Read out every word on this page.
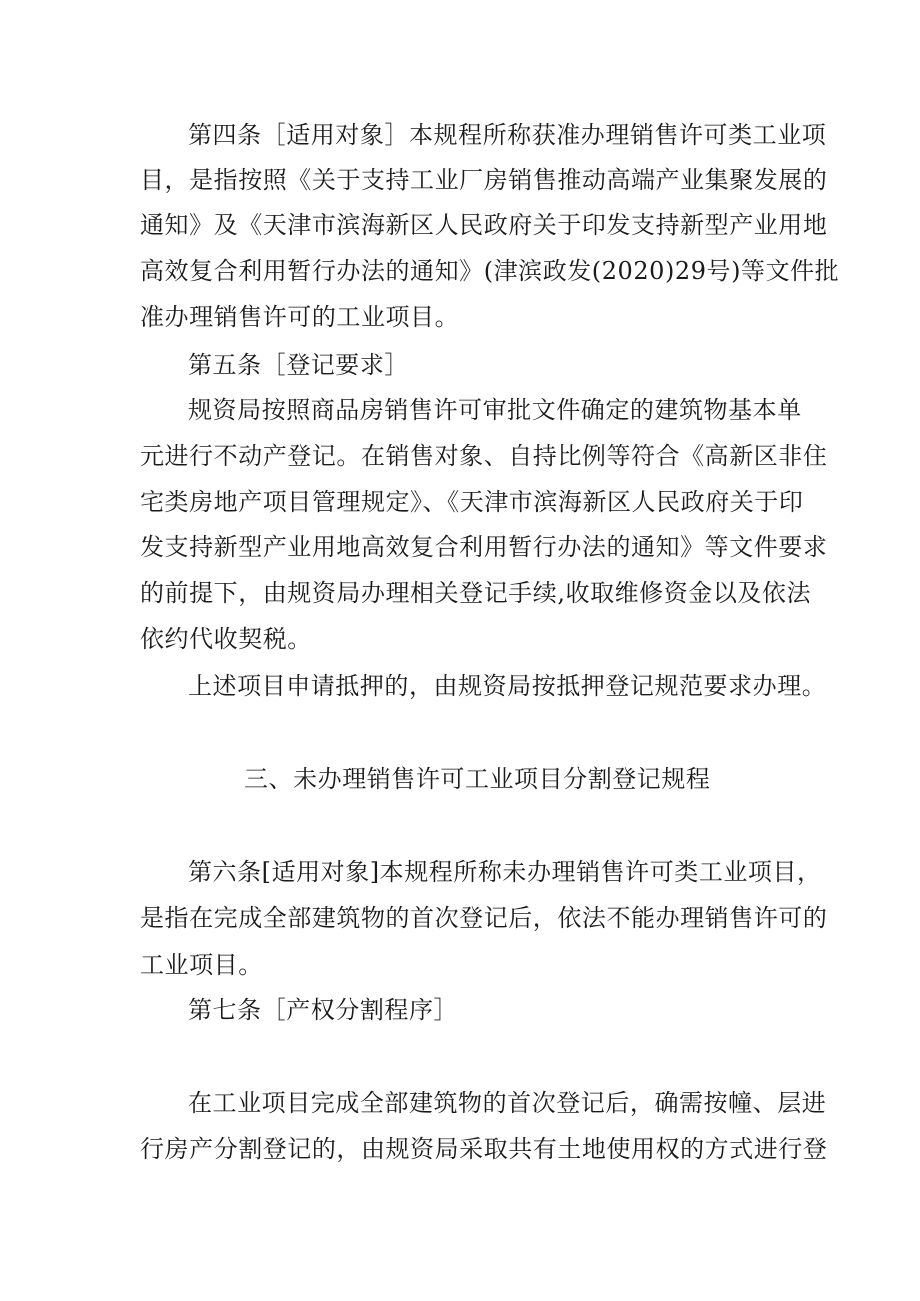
第四条［适用对象］本规程所称获准办理销售许可类工业项
目，是指按照《关于支持工业厂房销售推动高端产业集聚发展的
通知》及《天津市滨海新区人民政府关于印发支持新型产业用地
高效复合利用暂行办法的通知》(津滨政发(2020)29号)等文件批
准办理销售许可的工业项目。
第五条［登记要求］
规资局按照商品房销售许可审批文件确定的建筑物基本单
元进行不动产登记。在销售对象、自持比例等符合《高新区非住
宅类房地产项目管理规定》、《天津市滨海新区人民政府关于印
发支持新型产业用地高效复合利用暂行办法的通知》等文件要求
的前提下，由规资局办理相关登记手续,收取维修资金以及依法
依约代收契税。
上述项目申请抵押的，由规资局按抵押登记规范要求办理。
三、未办理销售许可工业项目分割登记规程
第六条[适用对象]本规程所称未办理销售许可类工业项目，
是指在完成全部建筑物的首次登记后，依法不能办理销售许可的
工业项目。
第七条［产权分割程序］
在工业项目完成全部建筑物的首次登记后，确需按幢、层进
行房产分割登记的，由规资局采取共有土地使用权的方式进行登
